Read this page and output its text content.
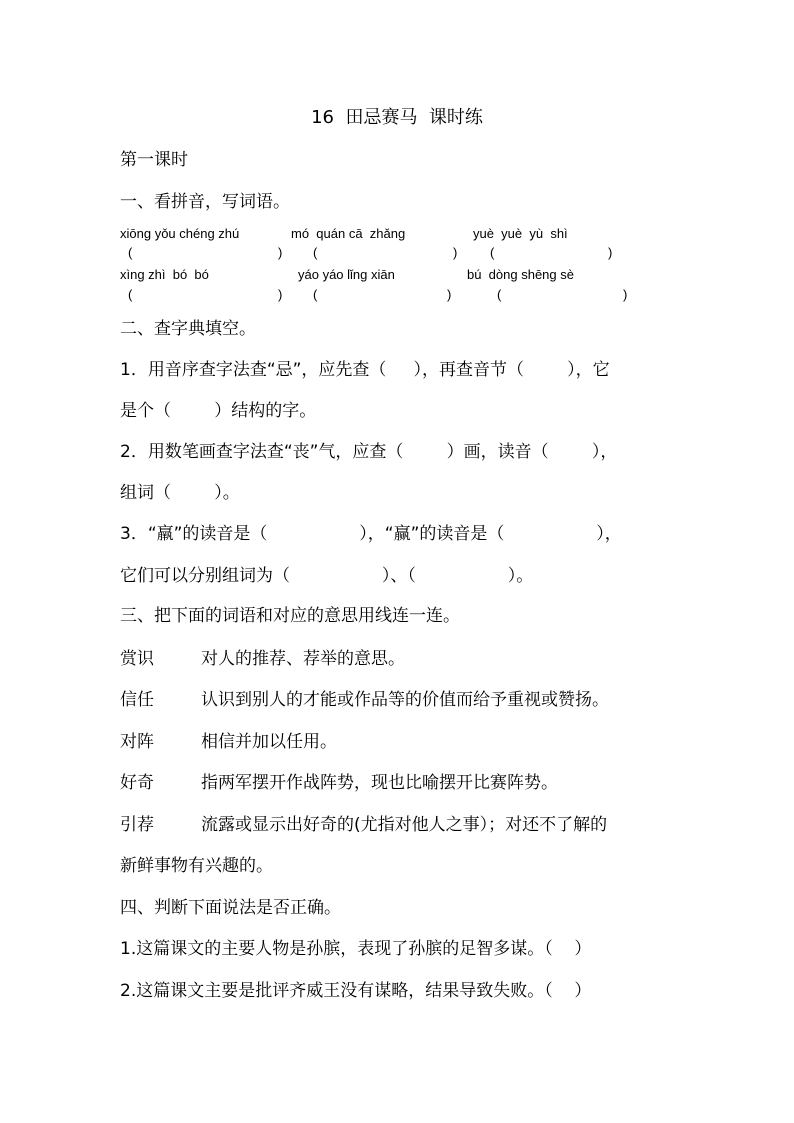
16  田忌赛马  课时练
第一课时
一、看拼音，写词语。
xiōng yǒu chéng zhú	mó  quán cā  zhǎng	yuè  yuè  yù  shì
(	) (	)	(	)
xìng zhì  bó  bó	yáo yáo lǐng xiān	bú  dòng shēng sè
(	) (	)	(	)
二、查字典填空。
1．用音序查字法查“忌”，应先查（     ），再查音节（        ），它
是个（        ）结构的字。
2．用数笔画查字法查“丧”气，应查（        ）画，读音（        ），
组词（        ）。
3．“羸”的读音是（                 ），“赢”的读音是（                 ），
它们可以分别组词为（                 ）、（                 ）。
三、把下面的词语和对应的意思用线连一连。
赏识	对人的推荐、荐举的意思。
信任	认识到别人的才能或作品等的价值而给予重视或赞扬。
对阵	相信并加以任用。
好奇	指两军摆开作战阵势，现也比喻摆开比赛阵势。
引荐	流露或显示出好奇的(尤指对他人之事）；对还不了解的
新鲜事物有兴趣的。
四、判断下面说法是否正确。
1.这篇课文的主要人物是孙膑，表现了孙膑的足智多谋。（    ）
2.这篇课文主要是批评齐威王没有谋略，结果导致失败。（    ）
